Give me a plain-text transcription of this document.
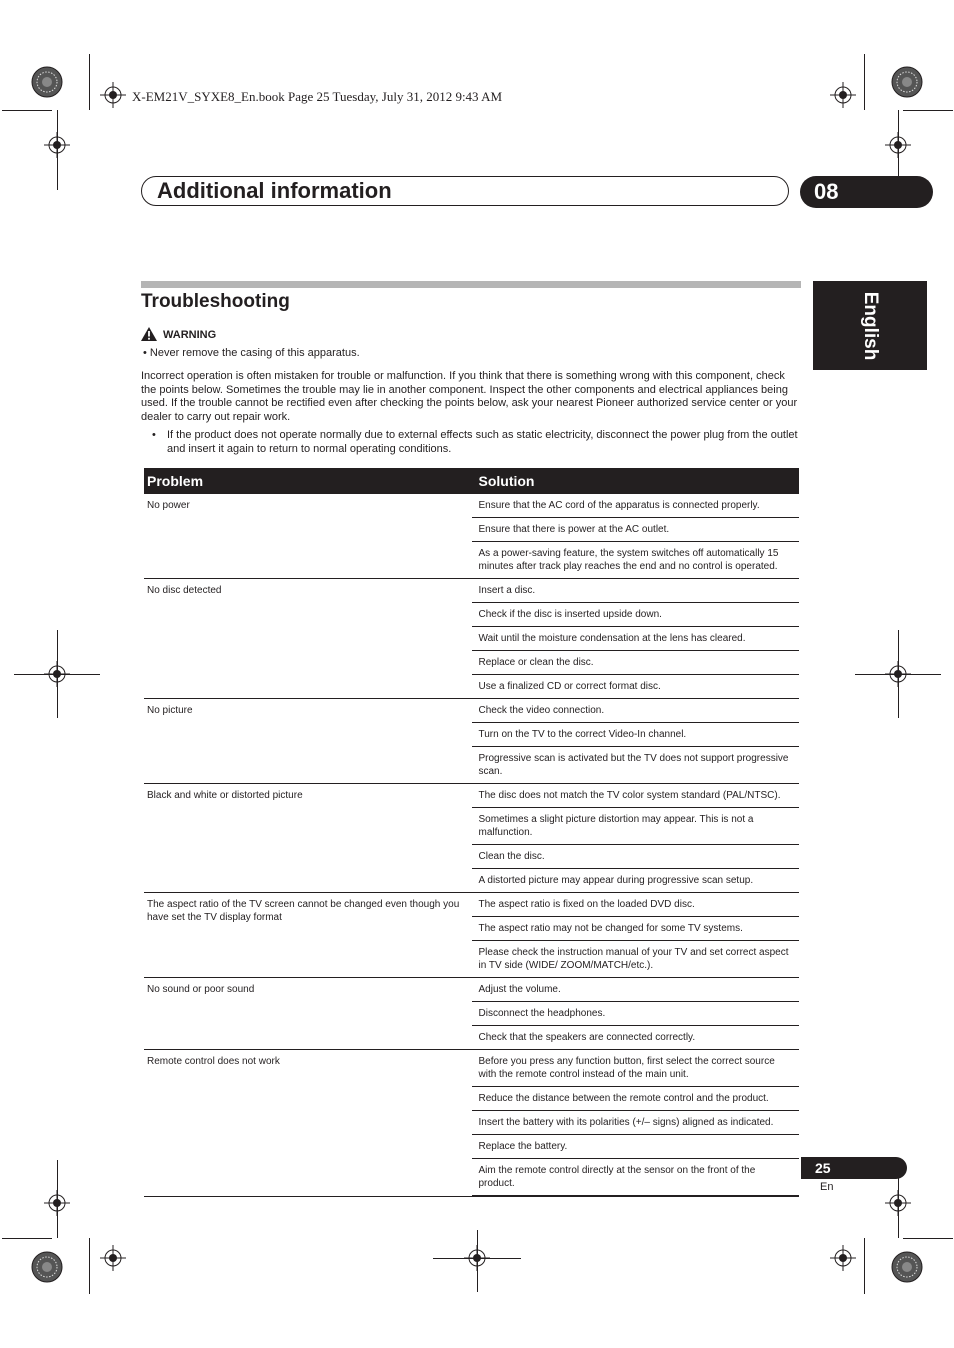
X-EM21V_SYXE8_En.book Page 25 Tuesday, July 31, 2012 9:43 AM
Additional information	08
English
Troubleshooting
WARNING
• Never remove the casing of this apparatus.
Incorrect operation is often mistaken for trouble or malfunction. If you think that there is something wrong with this component, check the points below. Sometimes the trouble may lie in another component. Inspect the other components and electrical appliances being used. If the trouble cannot be rectified even after checking the points below, ask your nearest Pioneer authorized service center or your dealer to carry out repair work.
• If the product does not operate normally due to external effects such as static electricity, disconnect the power plug from the outlet and insert it again to return to normal operating conditions.
Problem	Solution
No power	Ensure that the AC cord of the apparatus is connected properly.
	Ensure that there is power at the AC outlet.
	As a power-saving feature, the system switches off automatically 15 minutes after track play reaches the end and no control is operated.
No disc detected	Insert a disc.
	Check if the disc is inserted upside down.
	Wait until the moisture condensation at the lens has cleared.
	Replace or clean the disc.
	Use a finalized CD or correct format disc.
No picture	Check the video connection.
	Turn on the TV to the correct Video-In channel.
	Progressive scan is activated but the TV does not support progressive scan.
Black and white or distorted picture	The disc does not match the TV color system standard (PAL/NTSC).
	Sometimes a slight picture distortion may appear. This is not a malfunction.
	Clean the disc.
	A distorted picture may appear during progressive scan setup.
The aspect ratio of the TV screen cannot be changed even though you have set the TV display format	The aspect ratio is fixed on the loaded DVD disc.
	The aspect ratio may not be changed for some TV systems.
	Please check the instruction manual of your TV and set correct aspect in TV side (WIDE/ ZOOM/MATCH/etc.).
No sound or poor sound	Adjust the volume.
	Disconnect the headphones.
	Check that the speakers are connected correctly.
Remote control does not work	Before you press any function button, first select the correct source with the remote control instead of the main unit.
	Reduce the distance between the remote control and the product.
	Insert the battery with its polarities (+/– signs) aligned as indicated.
	Replace the battery.
	Aim the remote control directly at the sensor on the front of the product.
25
En
